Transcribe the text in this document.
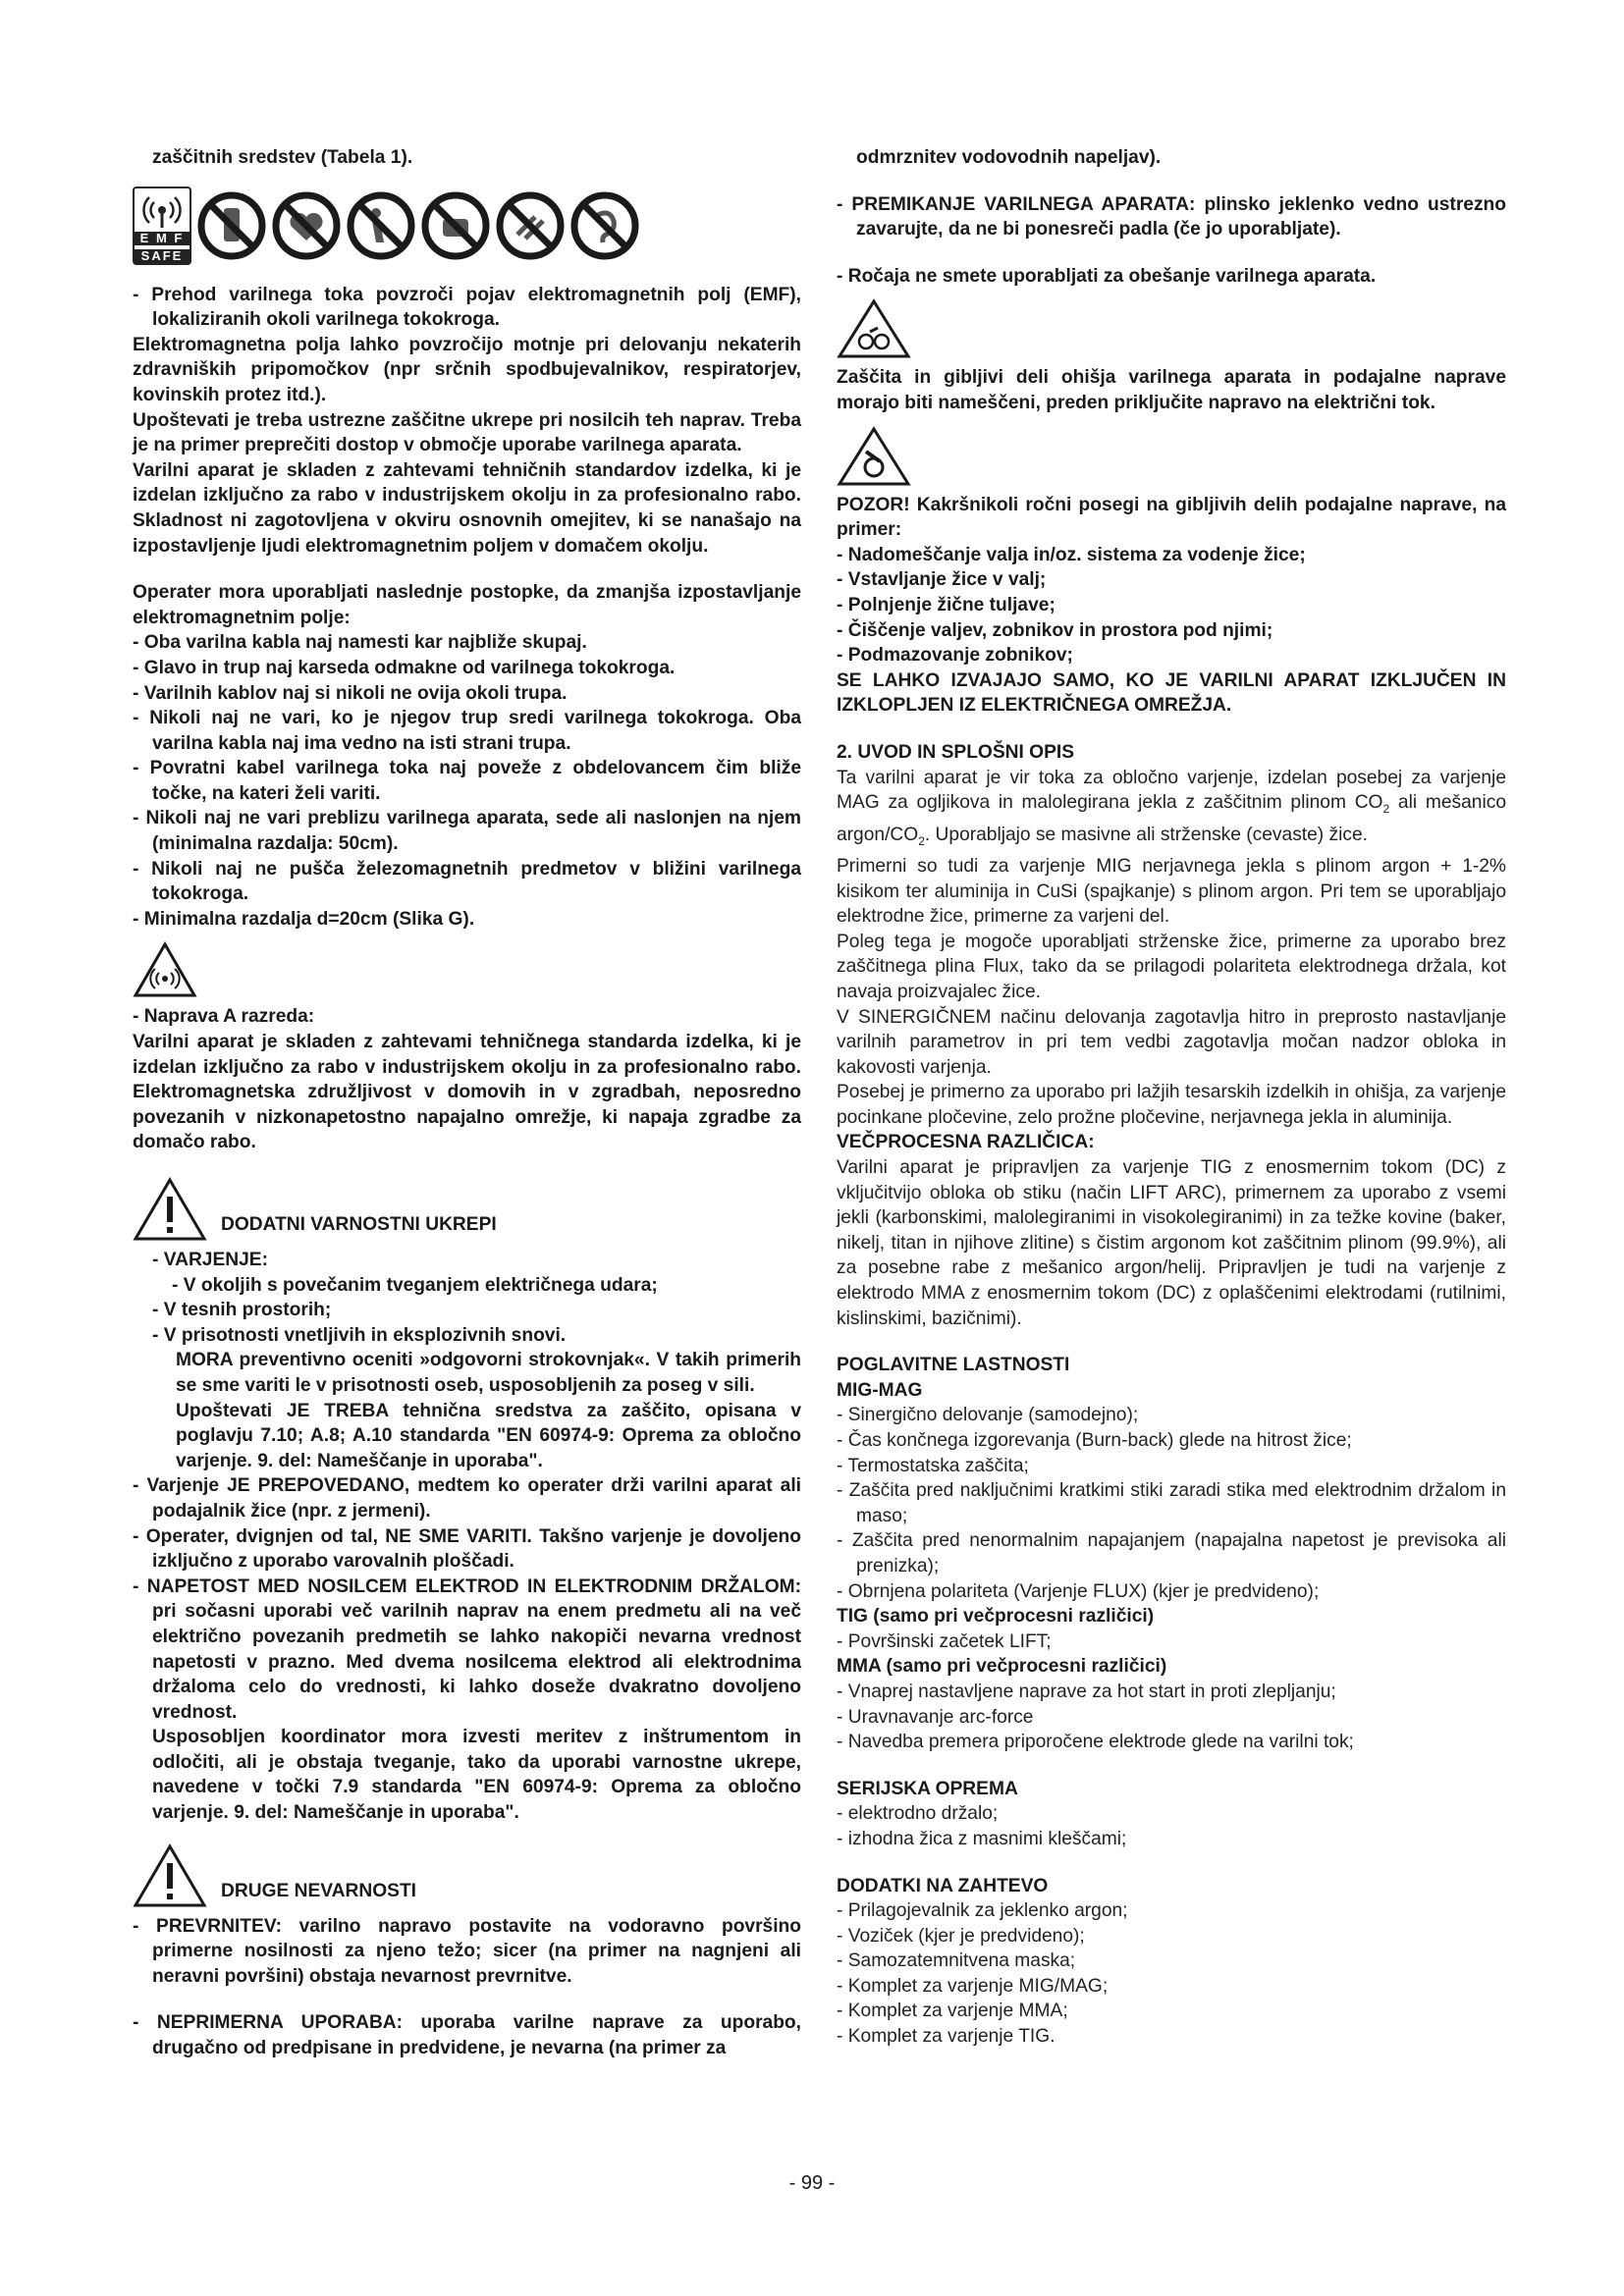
zaščitnih sredstev (Tabela 1).
E M F
SAFE

- Prehod varilnega toka povzroči pojav elektromagnetnih polj (EMF), lokaliziranih okoli varilnega tokokroga.

Elektromagnetna polja lahko povzročijo motnje pri delovanju nekaterih zdravniških pripomočkov (npr srčnih spodbujevalnikov, respiratorjev, kovinskih protez itd.).

Upoštevati je treba ustrezne zaščitne ukrepe pri nosilcih teh naprav. Treba je na primer preprečiti dostop v območje uporabe varilnega aparata.

Varilni aparat je skladen z zahtevami tehničnih standardov izdelka, ki je izdelan izključno za rabo v industrijskem okolju in za profesionalno rabo. Skladnost ni zagotovljena v okviru osnovnih omejitev, ki se nanašajo na izpostavljenje ljudi elektromagnetnim poljem v domačem okolju.

Operater mora uporabljati naslednje postopke, da zmanjša izpostavljanje elektromagnetnim polje:

- Oba varilna kabla naj namesti kar najbliže skupaj.

- Glavo in trup naj karseda odmakne od varilnega tokokroga.

- Varilnih kablov naj si nikoli ne ovija okoli trupa.

- Nikoli naj ne vari, ko je njegov trup sredi varilnega tokokroga. Oba varilna kabla naj ima vedno na isti strani trupa.

- Povratni kabel varilnega toka naj poveže z obdelovancem čim bliže točke, na kateri želi variti.

- Nikoli naj ne vari preblizu varilnega aparata, sede ali naslonjen na njem (minimalna razdalja: 50cm).

- Nikoli naj ne pušča železomagnetnih predmetov v bližini varilnega tokokroga.

- Minimalna razdalja d=20cm (Slika G).

- Naprava A razreda:

Varilni aparat je skladen z zahtevami tehničnega standarda izdelka, ki je izdelan izključno za rabo v industrijskem okolju in za profesionalno rabo. Elektromagnetska združljivost v domovih in v zgradbah, neposredno povezanih v nizkonapetostno napajalno omrežje, ki napaja zgradbe za domačo rabo.

DODATNI VARNOSTNI UKREPI
- VARJENJE:
- V okoljih s povečanim tveganjem električnega udara;
- V tesnih prostorih;
- V prisotnosti vnetljivih in eksplozivnih snovi.

MORA preventivno oceniti »odgovorni strokovnjak«. V takih primerih se sme variti le v prisotnosti oseb, usposobljenih za poseg v sili.

Upoštevati JE TREBA tehnična sredstva za zaščito, opisana v poglavju 7.10; A.8; A.10 standarda "EN 60974-9: Oprema za obločno varjenje. 9. del: Nameščanje in uporaba".

- Varjenje JE PREPOVEDANO, medtem ko operater drži varilni aparat ali podajalnik žice (npr. z jermeni).

- Operater, dvignjen od tal, NE SME VARITI. Takšno varjenje je dovoljeno izključno z uporabo varovalnih ploščadi.

- NAPETOST MED NOSILCEM ELEKTROD IN ELEKTRODNIM DRŽALOM: pri sočasni uporabi več varilnih naprav na enem predmetu ali na več električno povezanih predmetih se lahko nakopiči nevarna vrednost napetosti v prazno. Med dvema nosilcema elektrod ali elektrodnima držaloma celo do vrednosti, ki lahko doseže dvakratno dovoljeno vrednost.

Usposobljen koordinator mora izvesti meritev z inštrumentom in odločiti, ali je obstaja tveganje, tako da uporabi varnostne ukrepe, navedene v točki 7.9 standarda "EN 60974-9: Oprema za obločno varjenje. 9. del: Nameščanje in uporaba".

DRUGE NEVARNOSTI

- PREVRNITEV: varilno napravo postavite na vodoravno površino primerne nosilnosti za njeno težo; sicer (na primer na nagnjeni ali neravni površini) obstaja nevarnost prevrnitve.

- NEPRIMERNA UPORABA: uporaba varilne naprave za uporabo, drugačno od predpisane in predvidene, je nevarna (na primer za

odmrznitev vodovodnih napeljav).

- PREMIKANJE VARILNEGA APARATA: plinsko jeklenko vedno ustrezno zavarujte, da ne bi ponesreči padla (če jo uporabljate).

- Ročaja ne smete uporabljati za obešanje varilnega aparata.

Zaščita in gibljivi deli ohišja varilnega aparata in podajalne naprave morajo biti nameščeni, preden priključite napravo na električni tok.

POZOR! Kakršnikoli ročni posegi na gibljivih delih podajalne naprave, na primer:

- Nadomeščanje valja in/oz. sistema za vodenje žice;

- Vstavljanje žice v valj;

- Polnjenje žične tuljave;

- Čiščenje valjev, zobnikov in prostora pod njimi;

- Podmazovanje zobnikov;

SE LAHKO IZVAJAJO SAMO, KO JE VARILNI APARAT IZKLJUČEN IN IZKLOPLJEN IZ ELEKTRIČNEGA OMREŽJA.

2. UVOD IN SPLOŠNI OPIS

Ta varilni aparat je vir toka za obločno varjenje, izdelan posebej za varjenje MAG za ogljikova in malolegirana jekla z zaščitnim plinom $CO_2$ ali mešanico argon/$CO_2$. Uporabljajo se masivne ali strženske (cevaste) žice.

Primerni so tudi za varjenje MIG nerjavnega jekla s plinom argon + 1-2% kisikom ter aluminija in CuSi (spajkanje) s plinom argon. Pri tem se uporabljajo elektrodne žice, primerne za varjeni del.

Poleg tega je mogoče uporabljati strženske žice, primerne za uporabo brez zaščitnega plina Flux, tako da se prilagodi polariteta elektrodnega držala, kot navaja proizvajalec žice.

V SINERGIČNEM načinu delovanja zagotavlja hitro in preprosto nastavljanje varilnih parametrov in pri tem vedbi zagotavlja močan nadzor obloka in kakovosti varjenja.

Posebej je primerno za uporabo pri lažjih tesarskih izdelkih in ohišja, za varjenje pocinkane pločevine, zelo prožne pločevine, nerjavnega jekla in aluminija.

VEČPROCESNA RAZLIČICA:

Varilni aparat je pripravljen za varjenje TIG z enosmernim tokom (DC) z vključitvijo obloka ob stiku (način LIFT ARC), primernem za uporabo z vsemi jekli (karbonskimi, malolegiranimi in visokolegiranimi) in za težke kovine (baker, nikelj, titan in njihove zlitine) s čistim argonom kot zaščitnim plinom (99.9%), ali za posebne rabe z mešanico argon/helij. Pripravljen je tudi na varjenje z elektrodo MMA z enosmernim tokom (DC) z oplaščenimi elektrodami (rutilnimi, kislinskimi, bazičnimi).

POGLAVITNE LASTNOSTI
MIG-MAG

- Sinergično delovanje (samodejno);

- Čas končnega izgorevanja (Burn-back) glede na hitrost žice;

- Termostatska zaščita;

- Zaščita pred naključnimi kratkimi stiki zaradi stika med elektrodnim držalom in maso;

- Zaščita pred nenormalnim napajanjem (napajalna napetost je previsoka ali prenizka);

- Obrnjena polariteta (Varjenje FLUX) (kjer je predvideno);

TIG (samo pri večprocesni različici)

- Površinski začetek LIFT;

MMA (samo pri večprocesni različici)

- Vnaprej nastavljene naprave za hot start in proti zlepljanju;

- Uravnavanje arc-force

- Navedba premera priporočene elektrode glede na varilni tok;

SERIJSKA OPREMA

- elektrodno držalo;

- izhodna žica z masnimi kleščami;

DODATKI NA ZAHTEVO

- Prilagojevalnik za jeklenko argon;

- Voziček (kjer je predvideno);

- Samozatemnitvena maska;

- Komplet za varjenje MIG/MAG;

- Komplet za varjenje MMA;

- Komplet za varjenje TIG.

- 99 -
